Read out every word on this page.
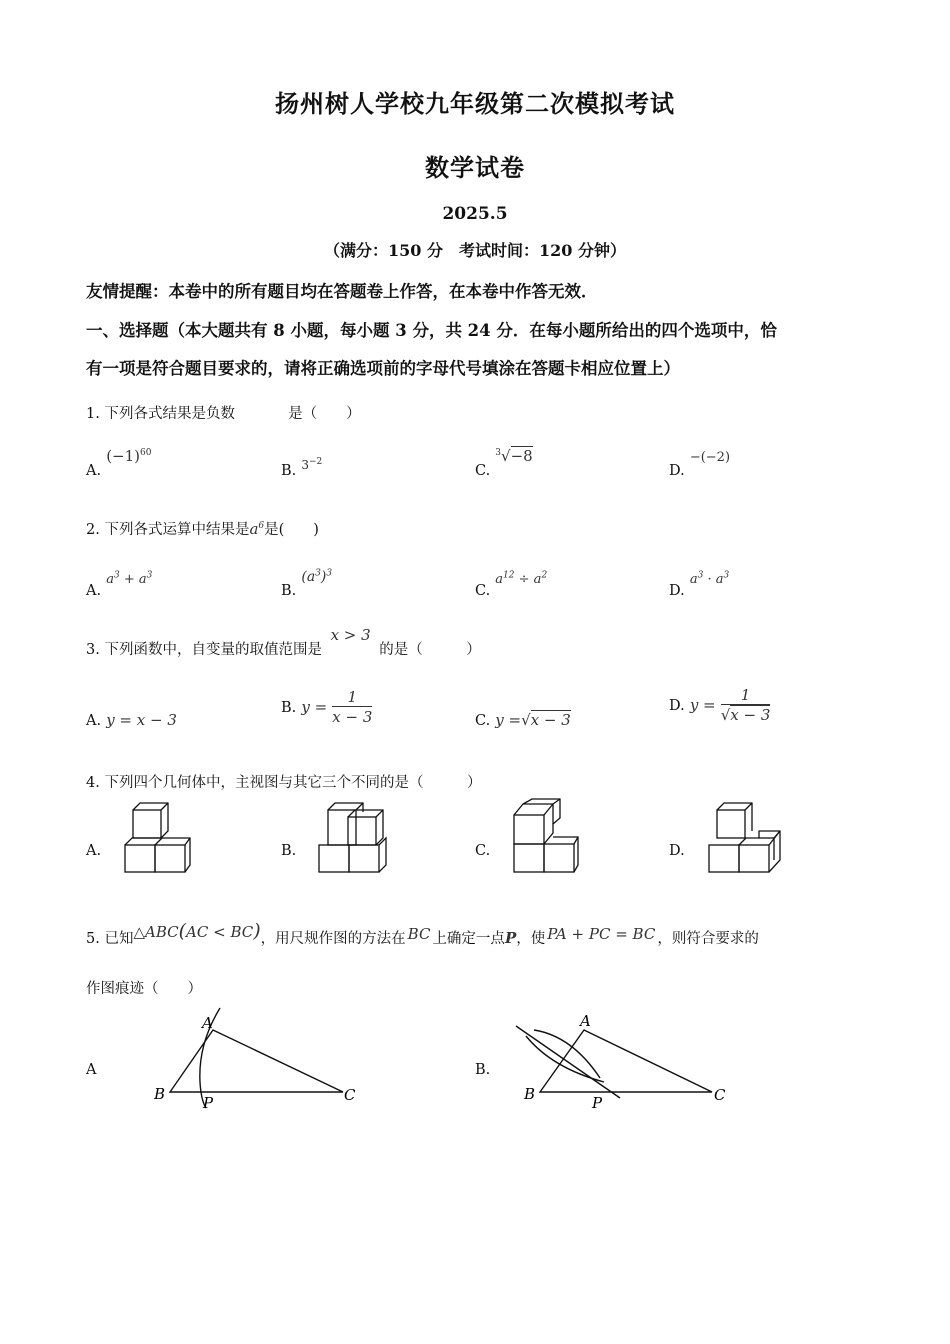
扬州树人学校九年级第二次模拟考试
数学试卷
2025.5
（满分：150 分　考试时间：120 分钟）
友情提醒：本卷中的所有题目均在答题卷上作答，在本卷中作答无效．
一、选择题（本大题共有 8 小题，每小题 3 分，共 24 分．在每小题所给出的四个选项中，恰
有一项是符合题目要求的，请将正确选项前的字母代号填涂在答题卡相应位置上）
1. 下列各式结果是负数	是（　　）
A. $(-1)^{60}$
B. $_{3^{-2}}$
C. $^3$√−8
D. −(−2)
2. 下列各式运算中结果是$a^6$是(　　)
A. $a^3 + a^3$
B. $(a^3)^3$
C. $a^{12} \div a^2$
D. $a^3 \cdot a^3$
3. 下列函数中，自变量的取值范围是 x > 3 的是（　　　）
A. y = x − 3
B. $y = \frac{1}{x - 3}$	C. y =√x − 3
D. $y = \frac{1}{√x - 3}$
4. 下列四个几何体中，主视图与其它三个不同的是（　　　）
A.	B.	C.	D.
5. 已知△ABC(AC < BC)，用尺规作图的方法在 BC 上确定一点P，使 PA + PC = BC ，则符合要求的
作图痕迹（　　）
A
A
B	C
P
B.
A
B	C
P
